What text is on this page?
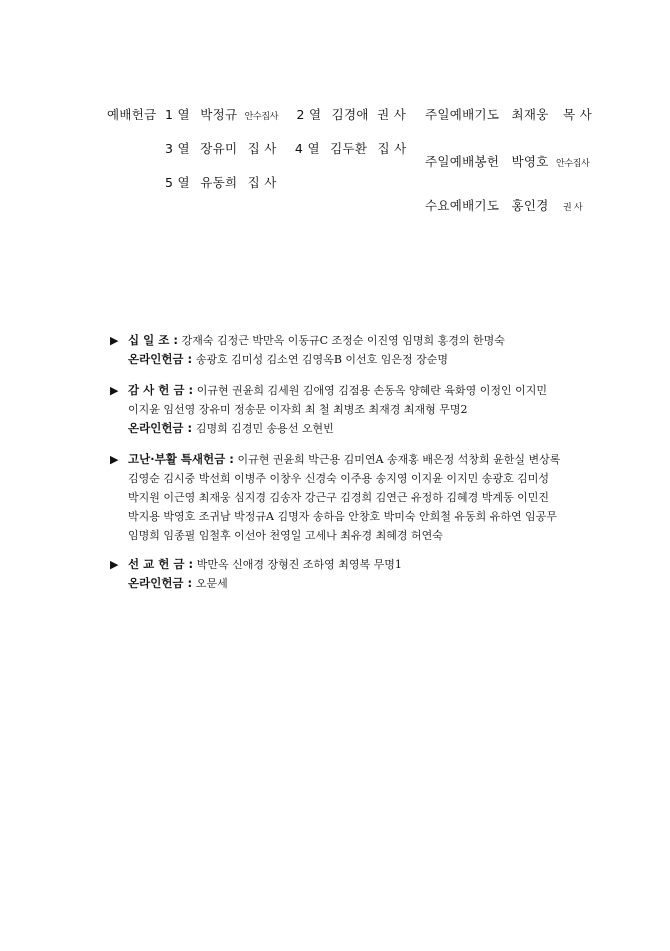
예배헌금 1 열 박정규 안수집사 2 열 김경애 권 사
3 열 장유미 집 사 4 열 김두환 집 사
5 열 유동희 집 사
주일예배기도 최재웅 목 사
주일예배봉헌 박영호 안수집사
수요예배기도 홍인경 권 사
▶ 십 일 조 : 강재숙 김정근 박만옥 이동규C 조정순 이진영 임명희 홍경의 한명숙
온라인헌금 : 송광호 김미성 김소연 김영옥B 이선호 임은정 장순명
▶ 감 사 헌 금 : 이규현 권윤희 김세원 김애영 김점용 손동옥 양혜란 육화영 이정인 이지민
이지윤 임선영 장유미 정송문 이자희 최 철 최병조 최재경 최재형 무명2
온라인헌금 : 김명희 김경민 송용선 오현빈
▶ 고난·부활 특새헌금 : 이규현 권윤희 박근용 김미연A 송재홍 배은정 석창희 윤한실 변상록
김영순 김시중 박선희 이병주 이창우 신경숙 이주용 송지영 이지윤 이지민 송광호 김미성
박지원 이근영 최재웅 심지경 김송자 강근구 김경희 김연근 유정하 김혜경 박계동 이민진
박지용 박영호 조귀남 박정규A 김명자 송하음 안창호 박미숙 안희철 유동희 유하연 임공무
임명희 임종필 임철후 이선아 천영일 고세나 최유경 최혜경 허연숙
▶ 선 교 헌 금 : 박만옥 신애경 장형진 조하영 최영복 무명1
온라인헌금 : 오문세
